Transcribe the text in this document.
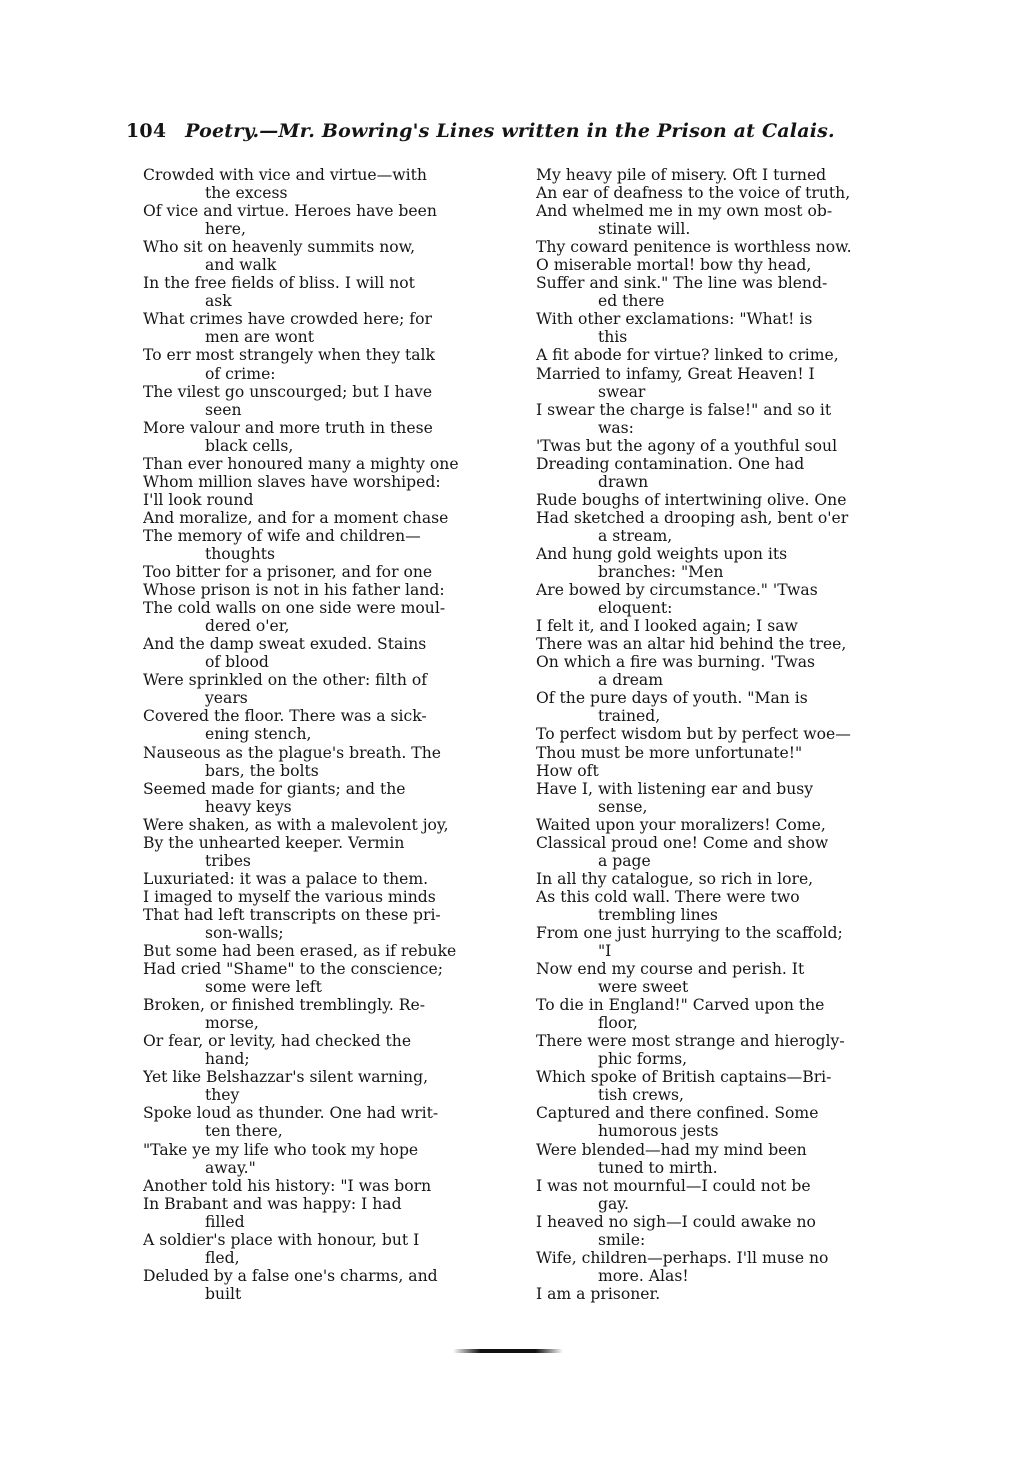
104 Poetry.—Mr. Bowring's Lines written in the Prison at Calais.
Crowded with vice and virtue—with
the excess
Of vice and virtue. Heroes have been
here,
Who sit on heavenly summits now,
and walk
In the free fields of bliss. I will not
ask
What crimes have crowded here; for
men are wont
To err most strangely when they talk
of crime:
The vilest go unscourged; but I have
seen
More valour and more truth in these
black cells,
Than ever honoured many a mighty one
Whom million slaves have worshiped:
I'll look round
And moralize, and for a moment chase
The memory of wife and children—
thoughts
Too bitter for a prisoner, and for one
Whose prison is not in his father land:
The cold walls on one side were moul-
dered o'er,
And the damp sweat exuded. Stains
of blood
Were sprinkled on the other: filth of
years
Covered the floor. There was a sick-
ening stench,
Nauseous as the plague's breath. The
bars, the bolts
Seemed made for giants; and the
heavy keys
Were shaken, as with a malevolent joy,
By the unhearted keeper. Vermin
tribes
Luxuriated: it was a palace to them.
I imaged to myself the various minds
That had left transcripts on these pri-
son-walls;
But some had been erased, as if rebuke
Had cried "Shame" to the conscience;
some were left
Broken, or finished tremblingly. Re-
morse,
Or fear, or levity, had checked the
hand;
Yet like Belshazzar's silent warning,
they
Spoke loud as thunder. One had writ-
ten there,
"Take ye my life who took my hope
away."
Another told his history: "I was born
In Brabant and was happy: I had
filled
A soldier's place with honour, but I
fled,
Deluded by a false one's charms, and
built
My heavy pile of misery. Oft I turned
An ear of deafness to the voice of truth,
And whelmed me in my own most ob-
stinate will.
Thy coward penitence is worthless now.
O miserable mortal! bow thy head,
Suffer and sink." The line was blend-
ed there
With other exclamations: "What! is
this
A fit abode for virtue? linked to crime,
Married to infamy, Great Heaven! I
swear
I swear the charge is false!" and so it
was:
'Twas but the agony of a youthful soul
Dreading contamination. One had
drawn
Rude boughs of intertwining olive. One
Had sketched a drooping ash, bent o'er
a stream,
And hung gold weights upon its
branches: "Men
Are bowed by circumstance." 'Twas
eloquent:
I felt it, and I looked again; I saw
There was an altar hid behind the tree,
On which a fire was burning. 'Twas
a dream
Of the pure days of youth. "Man is
trained,
To perfect wisdom but by perfect woe—
Thou must be more unfortunate!"
How oft
Have I, with listening ear and busy
sense,
Waited upon your moralizers! Come,
Classical proud one! Come and show
a page
In all thy catalogue, so rich in lore,
As this cold wall. There were two
trembling lines
From one just hurrying to the scaffold;
"I
Now end my course and perish. It
were sweet
To die in England!" Carved upon the
floor,
There were most strange and hierogly-
phic forms,
Which spoke of British captains—Bri-
tish crews,
Captured and there confined. Some
humorous jests
Were blended—had my mind been
tuned to mirth.
I was not mournful—I could not be
gay.
I heaved no sigh—I could awake no
smile:
Wife, children—perhaps. I'll muse no
more. Alas!
I am a prisoner.
